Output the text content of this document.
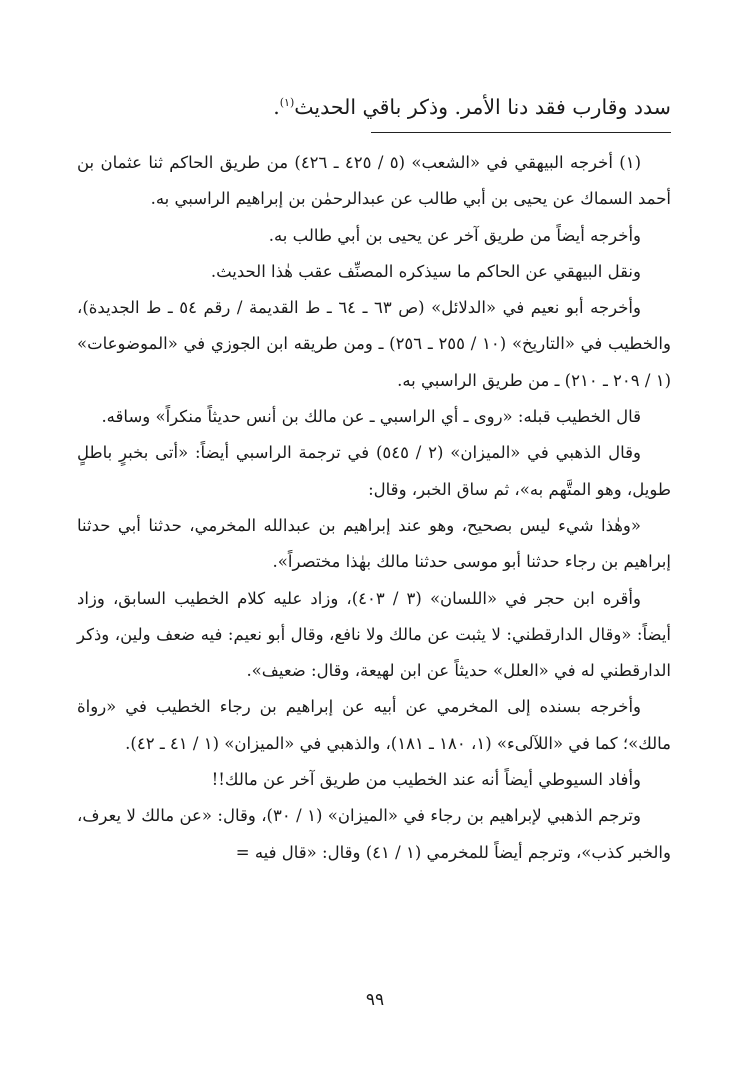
سدد وقارب فقد دنا الأمر. وذكر باقي الحديث$^{(١)}$.

(١) أخرجه البيهقي في «الشعب» (٥ / ٤٢٥ ـ ٤٢٦) من طريق الحاكم ثنا عثمان بن أحمد السماك عن يحيى بن أبي طالب عن عبدالرحمٰن بن إبراهيم الراسبي به.

وأخرجه أيضاً من طريق آخر عن يحيى بن أبي طالب به.

ونقل البيهقي عن الحاكم ما سيذكره المصنِّف عقب هٰذا الحديث.

وأخرجه أبو نعيم في «الدلائل» (ص ٦٣ ـ ٦٤ ـ ط القديمة / رقم ٥٤ ـ ط الجديدة)، والخطيب في «التاريخ» (١٠ / ٢٥٥ ـ ٢٥٦) ـ ومن طريقه ابن الجوزي في «الموضوعات» (١ / ٢٠٩ ـ ٢١٠) ـ من طريق الراسبي به.

قال الخطيب قبله: «روى ـ أي الراسبي ـ عن مالك بن أنس حديثاً منكراً» وساقه.

وقال الذهبي في «الميزان» (٢ / ٥٤٥) في ترجمة الراسبي أيضاً: «أتى بخبرٍ باطلٍ طويل، وهو المتَّهم به»، ثم ساق الخبر، وقال:

«وهٰذا شيء ليس بصحيح، وهو عند إبراهيم بن عبدالله المخرمي، حدثنا أبي حدثنا إبراهيم بن رجاء حدثنا أبو موسى حدثنا مالك بهٰذا مختصراً».

وأقره ابن حجر في «اللسان» (٣ / ٤٠٣)، وزاد عليه كلام الخطيب السابق، وزاد أيضاً: «وقال الدارقطني: لا يثبت عن مالك ولا نافع، وقال أبو نعيم: فيه ضعف ولين، وذكر الدارقطني له في «العلل» حديثاً عن ابن لهيعة، وقال: ضعيف».

وأخرجه بسنده إلى المخرمي عن أبيه عن إبراهيم بن رجاء الخطيب في «رواة مالك»؛ كما في «اللآلىء» (١، ١٨٠ ـ ١٨١)، والذهبي في «الميزان» (١ / ٤١ ـ ٤٢).

وأفاد السيوطي أيضاً أنه عند الخطيب من طريق آخر عن مالك!!

وترجم الذهبي لإبراهيم بن رجاء في «الميزان» (١ / ٣٠)، وقال: «عن مالك لا يعرف، والخبر كذب»، وترجم أيضاً للمخرمي (١ / ٤١) وقال: «قال فيه =

٩٩
